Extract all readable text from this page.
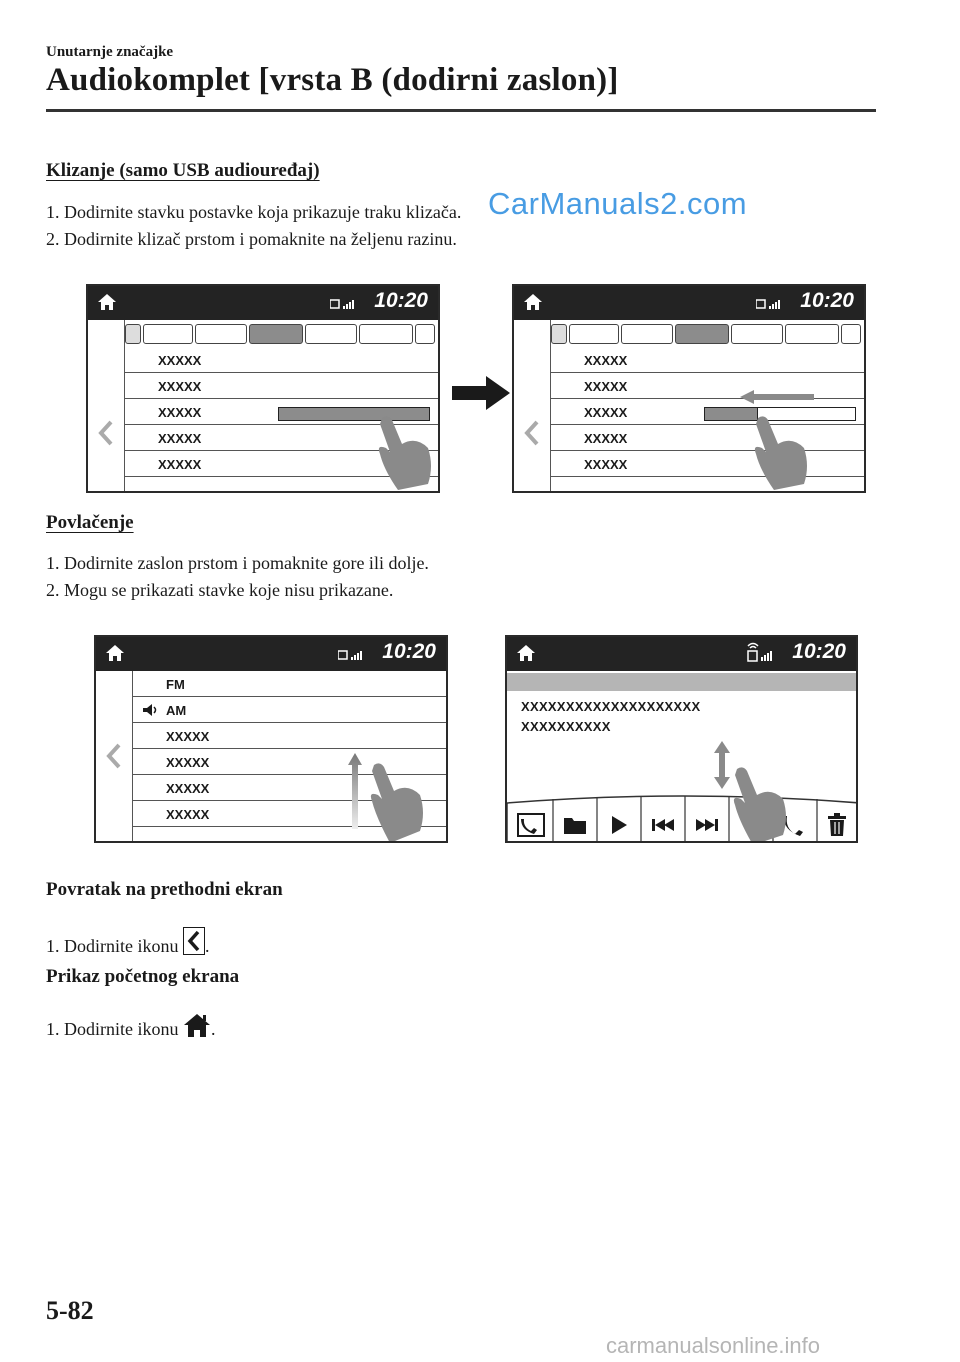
Unutarnje značajke
Audiokomplet [vrsta B (dodirni zaslon)]
Klizanje (samo USB audiouređaj)
1. Dodirnite stavku postavke koja prikazuje traku klizača.
2. Dodirnite klizač prstom i pomaknite na željenu razinu.
CarManuals2.com
10:20
XXXXX
XXXXX
XXXXX
XXXXX
XXXXX
10:20
XXXXX
XXXXX
XXXXX
XXXXX
XXXXX
Povlačenje
1. Dodirnite zaslon prstom i pomaknite gore ili dolje.
2. Mogu se prikazati stavke koje nisu prikazane.
10:20
FM
AM
XXXXX
XXXXX
XXXXX
XXXXX
10:20
XXXXXXXXXXXXXXXXXXXX
XXXXXXXXXX
Povratak na prethodni ekran
1. Dodirnite ikonu .
Prikaz početnog ekrana
1. Dodirnite ikonu .
5-82
carmanualsonline.info
